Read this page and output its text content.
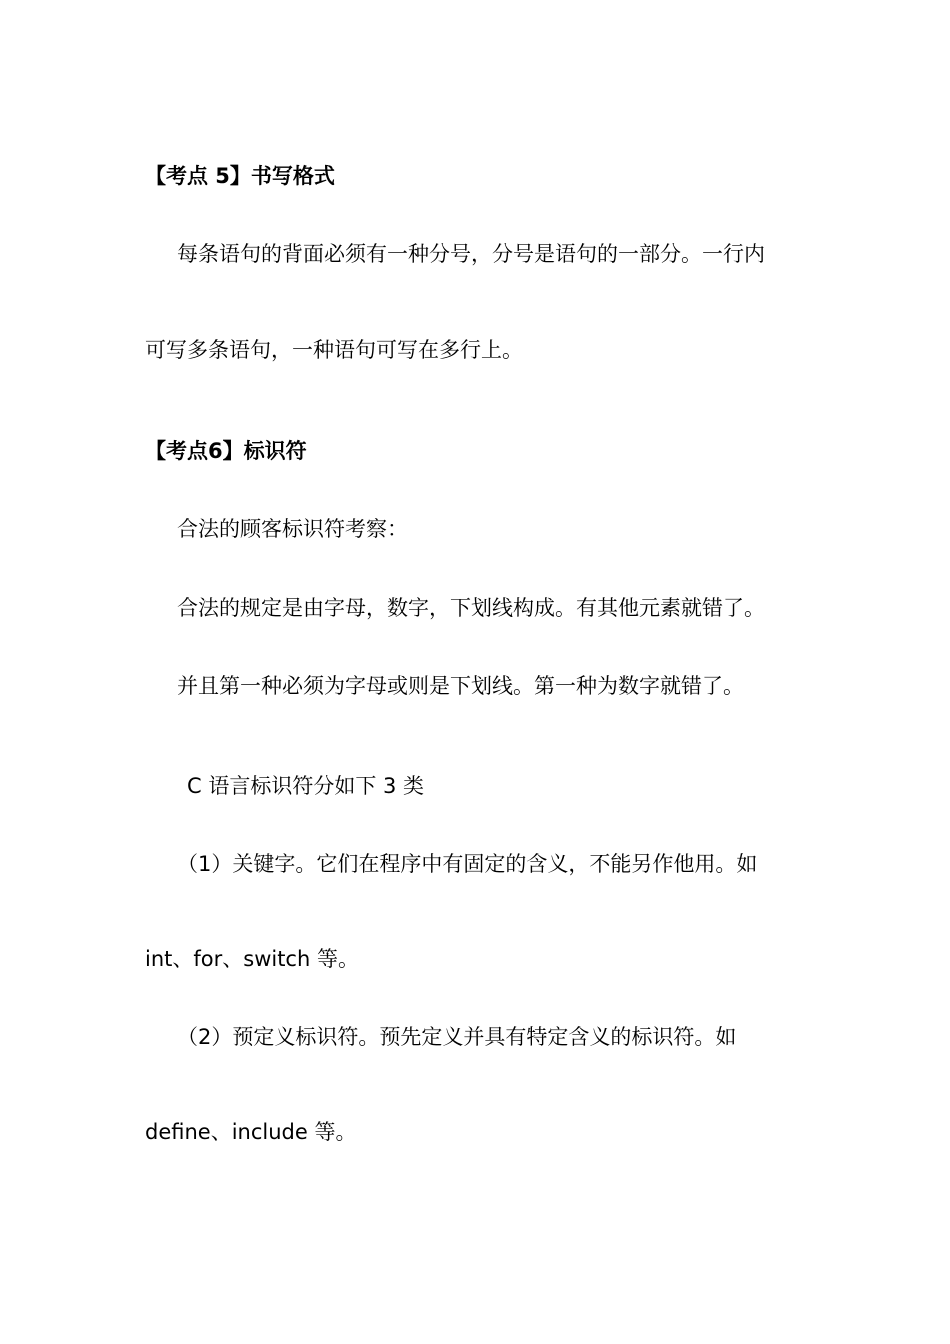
【考点 5】书写格式

每条语句的背面必须有一种分号，分号是语句的一部分。一行内

可写多条语句，一种语句可写在多行上。

【考点6】标识符

合法的顾客标识符考察：

合法的规定是由字母，数字，下划线构成。有其他元素就错了。

并且第一种必须为字母或则是下划线。第一种为数字就错了。

C 语言标识符分如下 3 类

（1）关键字。它们在程序中有固定的含义，不能另作他用。如

int、for、switch 等。

（2）预定义标识符。预先定义并具有特定含义的标识符。如

define、include 等。
